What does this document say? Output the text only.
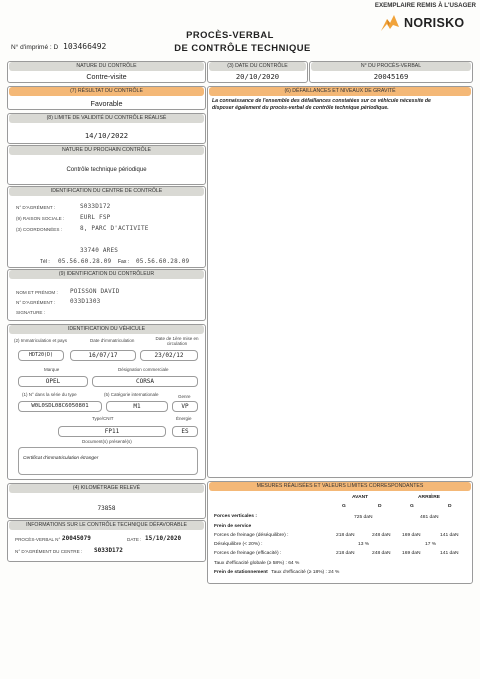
EXEMPLAIRE REMIS À L'USAGER
NORISKO
PROCÈS-VERBAL
DE CONTRÔLE TECHNIQUE
N° d'imprimé : D 103466492
NATURE DU CONTRÔLE
Contre-visite
(3) DATE DU CONTRÔLE
20/10/2020
N° DU PROCÈS-VERBAL
20045169
(7) RÉSULTAT DU CONTRÔLE
Favorable
(6) DÉFAILLANCES ET NIVEAUX DE GRAVITÉ
La connaissance de l'ensemble des défaillances constatées sur ce véhicule nécessite de
disposer également du procès-verbal de contrôle technique périodique.
(8) LIMITE DE VALIDITÉ DU CONTRÔLE RÉALISÉ
14/10/2022
NATURE DU PROCHAIN CONTRÔLE
Contrôle technique périodique
IDENTIFICATION DU CENTRE DE CONTRÔLE
N° D'AGRÉMENT :	S033D172
(9) RAISON SOCIALE :	EURL FSP
(3) COORDONNÉES :	8, PARC D'ACTIVITE
33740 ARES
Tél : 05.56.60.28.09 Fax : 05.56.60.28.09
(9) IDENTIFICATION DU CONTRÔLEUR
NOM ET PRÉNOM : POISSON DAVID
N° D'AGRÉMENT : 033D1303
SIGNATURE :
IDENTIFICATION DU VÉHICULE
(2) Immatriculation et pays	Date d'immatriculation	Date de 1ère mise en circulation
HDT20(D)	16/07/17	23/02/12
Marque	Désignation commerciale
OPEL	CORSA
(1) N° dans la série du type	(5) Catégorie internationale	Genre
W0L0SDL08C6050801	M1	VP
Type/CNIT	Énergie
FP11	ES
Document(s) présenté(s)
Certificat d'immatriculation étranger
(4) KILOMÉTRAGE RELEVÉ
73858
INFORMATIONS SUR LE CONTRÔLE TECHNIQUE DÉFAVORABLE
PROCÈS-VERBAL N° : 20045079	DATE : 15/10/2020
N° D'AGRÉMENT DU CENTRE : S033D172
MESURES RÉALISÉES ET VALEURS LIMITES CORRESPONDANTES
AVANT	ARRIÈRE
G	D	G	D
Forces verticales :	725 daN	481 daN
Frein de service
Forces de freinage (déséquilibre) :	218 daN	248 daN 169 daN	141 daN
Déséquilibre (< 20%) :	13 %	17 %
Forces de freinage (efficacité) :	218 daN	248 daN 169 daN	141 daN
Taux d'efficacité globale (≥ 58%) : 64 %
Frein de stationnement Taux d'efficacité (≥ 18%) : 24 %
